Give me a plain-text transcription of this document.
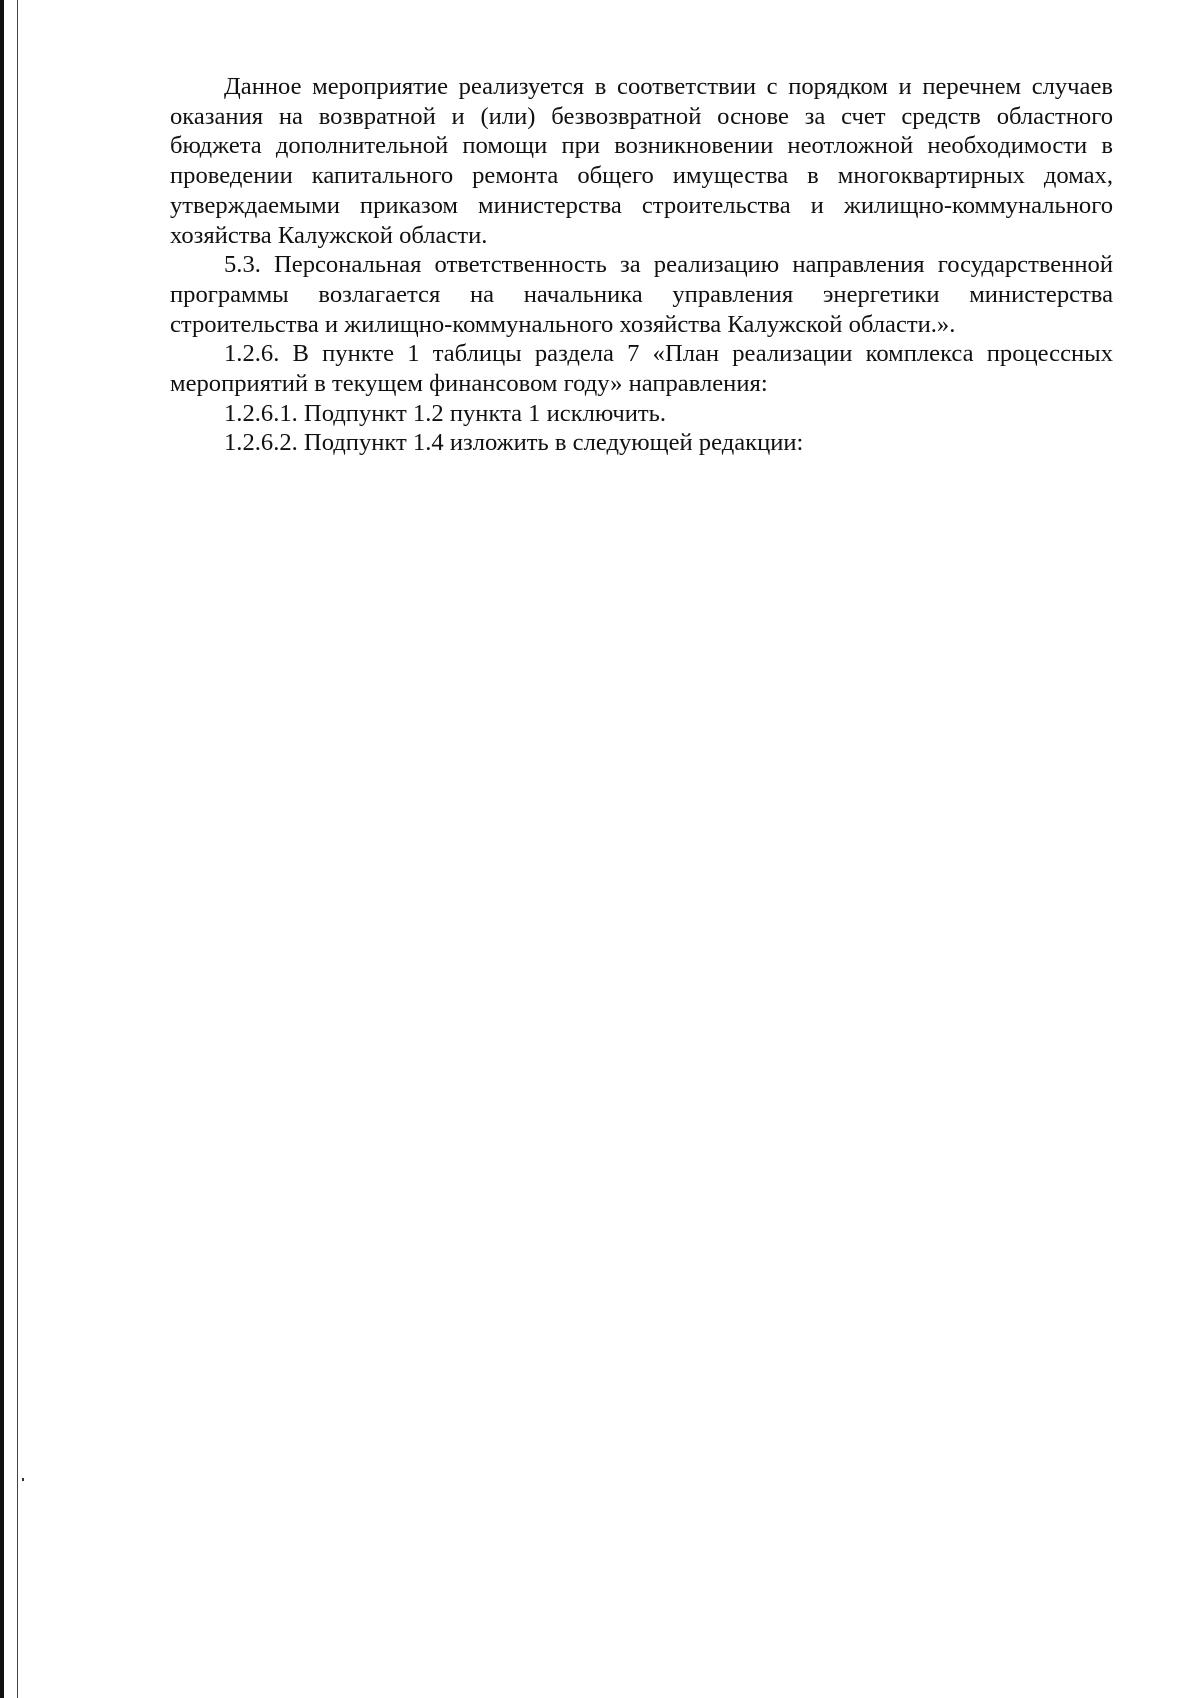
Данное мероприятие реализуется в соответствии с порядком и перечнем случаев оказания на возвратной и (или) безвозвратной основе за счет средств областного бюджета дополнительной помощи при возникновении неотложной необходимости в проведении капитального ремонта общего имущества в многоквартирных домах, утверждаемыми приказом министерства строительства и жилищно-коммунального хозяйства Калужской области.

5.3. Персональная ответственность за реализацию направления государственной программы возлагается на начальника управления энергетики министерства строительства и жилищно-коммунального хозяйства Калужской области.».

1.2.6. В пункте 1 таблицы раздела 7 «План реализации комплекса процессных мероприятий в текущем финансовом году» направления:

1.2.6.1. Подпункт 1.2 пункта 1 исключить.

1.2.6.2. Подпункт 1.4 изложить в следующей редакции:
